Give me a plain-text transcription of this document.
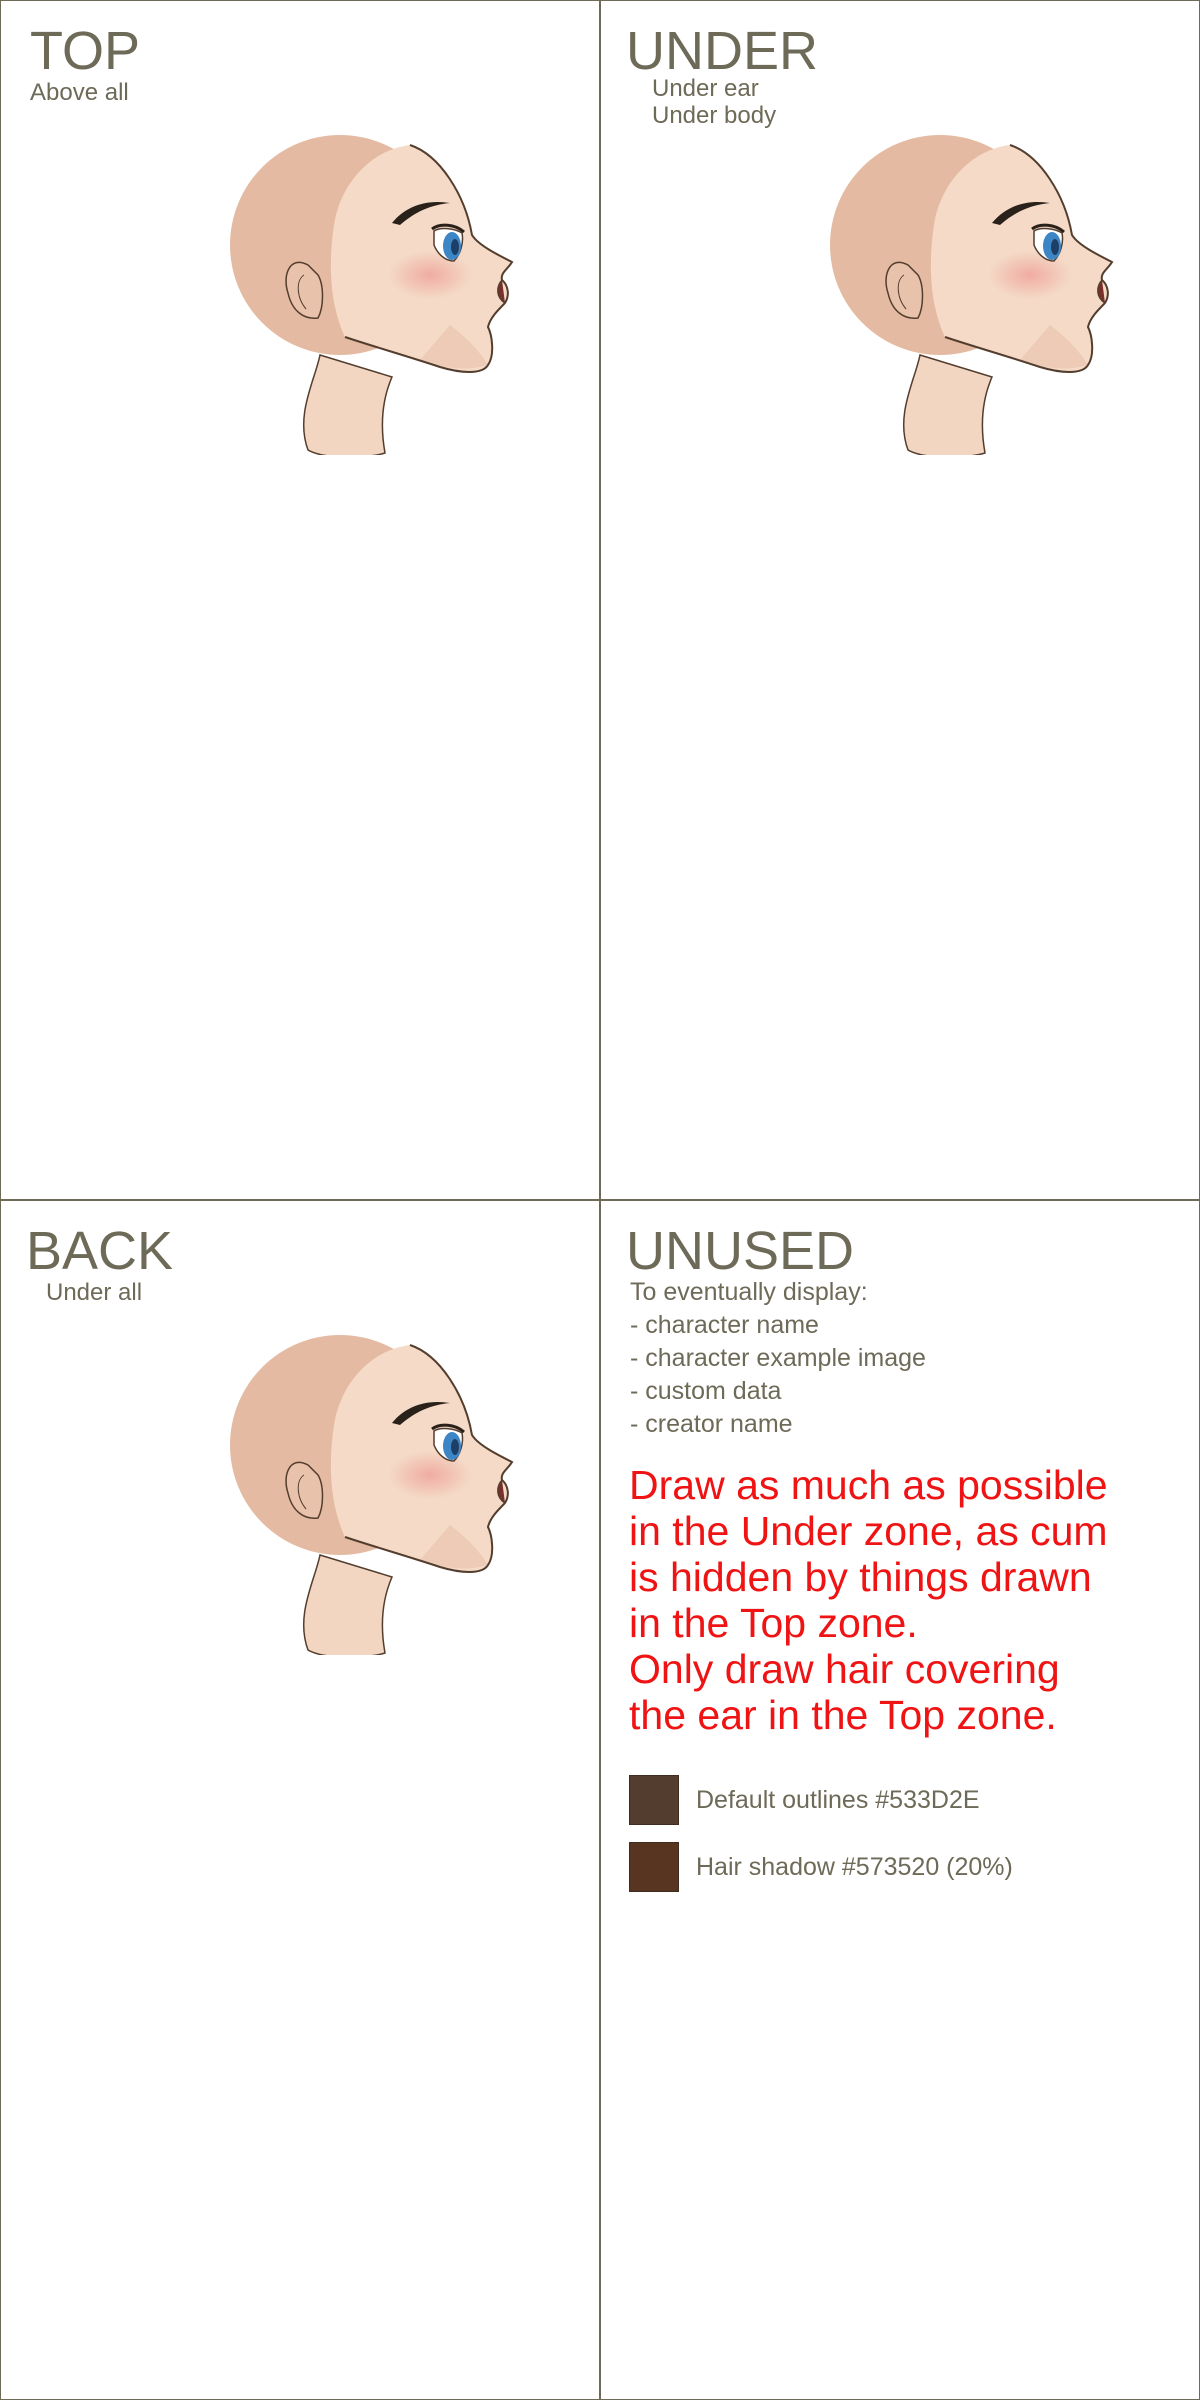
TOP
Above all
UNDER
Under ear
Under body
BACK
Under all
UNUSED
To eventually display:
- character name
- character example image
- custom data
- creator name

Draw as much as possible

in the Under zone, as cum

is hidden by things drawn

in the Top zone.

Only draw hair covering

the ear in the Top zone.

Default outlines #533D2E
Hair shadow #573520 (20%)
